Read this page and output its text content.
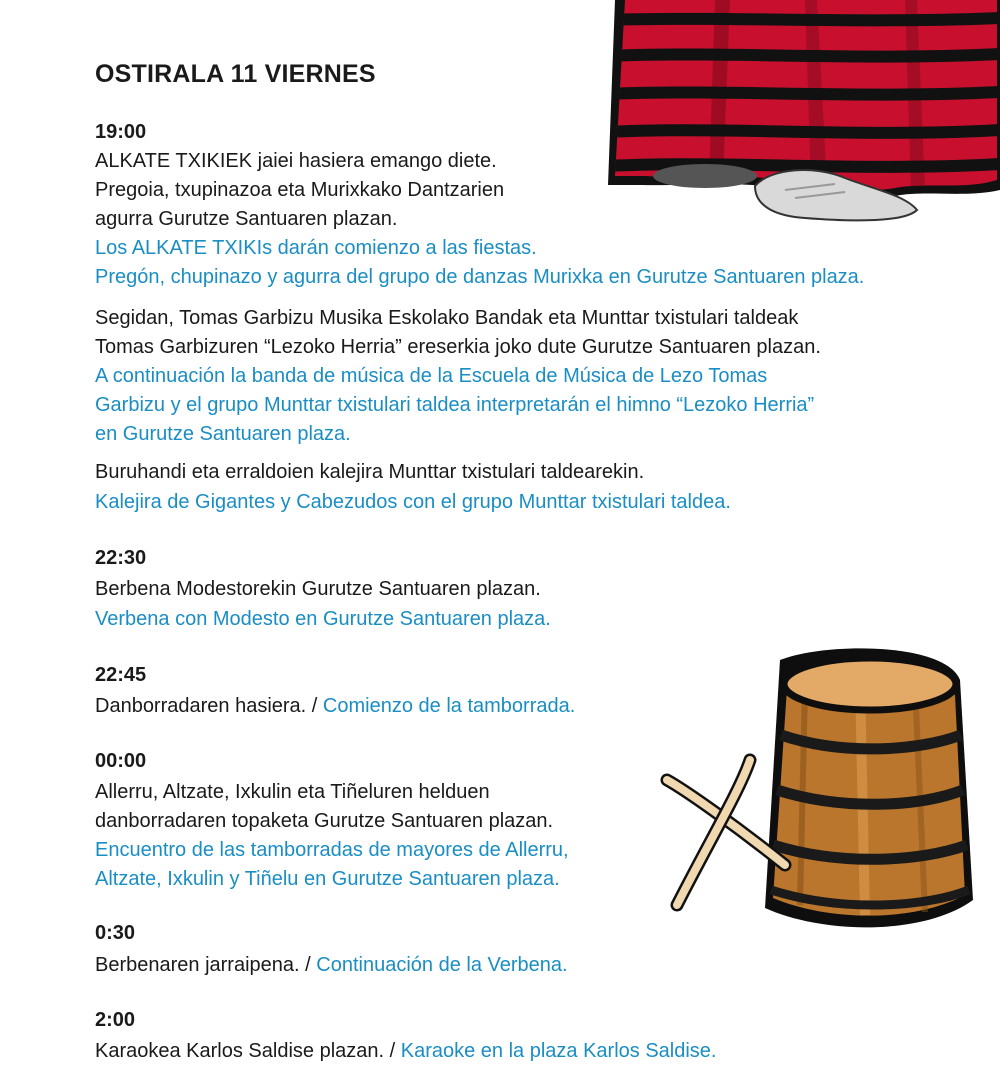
OSTIRALA 11 VIERNES
19:00
ALKATE TXIKIEK jaiei hasiera emango diete.
Pregoia, txupinazoa eta Murixkako Dantzarien
agurra Gurutze Santuaren plazan.
Los ALKATE TXIKIs darán comienzo a las fiestas.
Pregón, chupinazo y agurra del grupo de danzas Murixka en Gurutze Santuaren plaza.
Segidan, Tomas Garbizu Musika Eskolako Bandak eta Munttar txistulari taldeak
Tomas Garbizuren “Lezoko Herria” ereserkia joko dute Gurutze Santuaren plazan.
A continuación la banda de música de la Escuela de Música de Lezo Tomas
Garbizu y el grupo Munttar txistulari taldea interpretarán el himno “Lezoko Herria”
en Gurutze Santuaren plaza.
Buruhandi eta erraldoien kalejira Munttar txistulari taldearekin.
Kalejira de Gigantes y Cabezudos con el grupo Munttar txistulari taldea.
22:30
Berbena Modestorekin Gurutze Santuaren plazan.
Verbena con Modesto en Gurutze Santuaren plaza.
22:45
Danborradaren hasiera. / Comienzo de la tamborrada.
00:00
Allerru, Altzate, Ixkulin eta Tiñeluren helduen
danborradaren topaketa Gurutze Santuaren plazan.
Encuentro de las tamborradas de mayores de Allerru,
Altzate, Ixkulin y Tiñelu en Gurutze Santuaren plaza.
0:30
Berbenaren jarraipena. / Continuación de la Verbena.
2:00
Karaokea Karlos Saldise plazan. / Karaoke en la plaza Karlos Saldise.
